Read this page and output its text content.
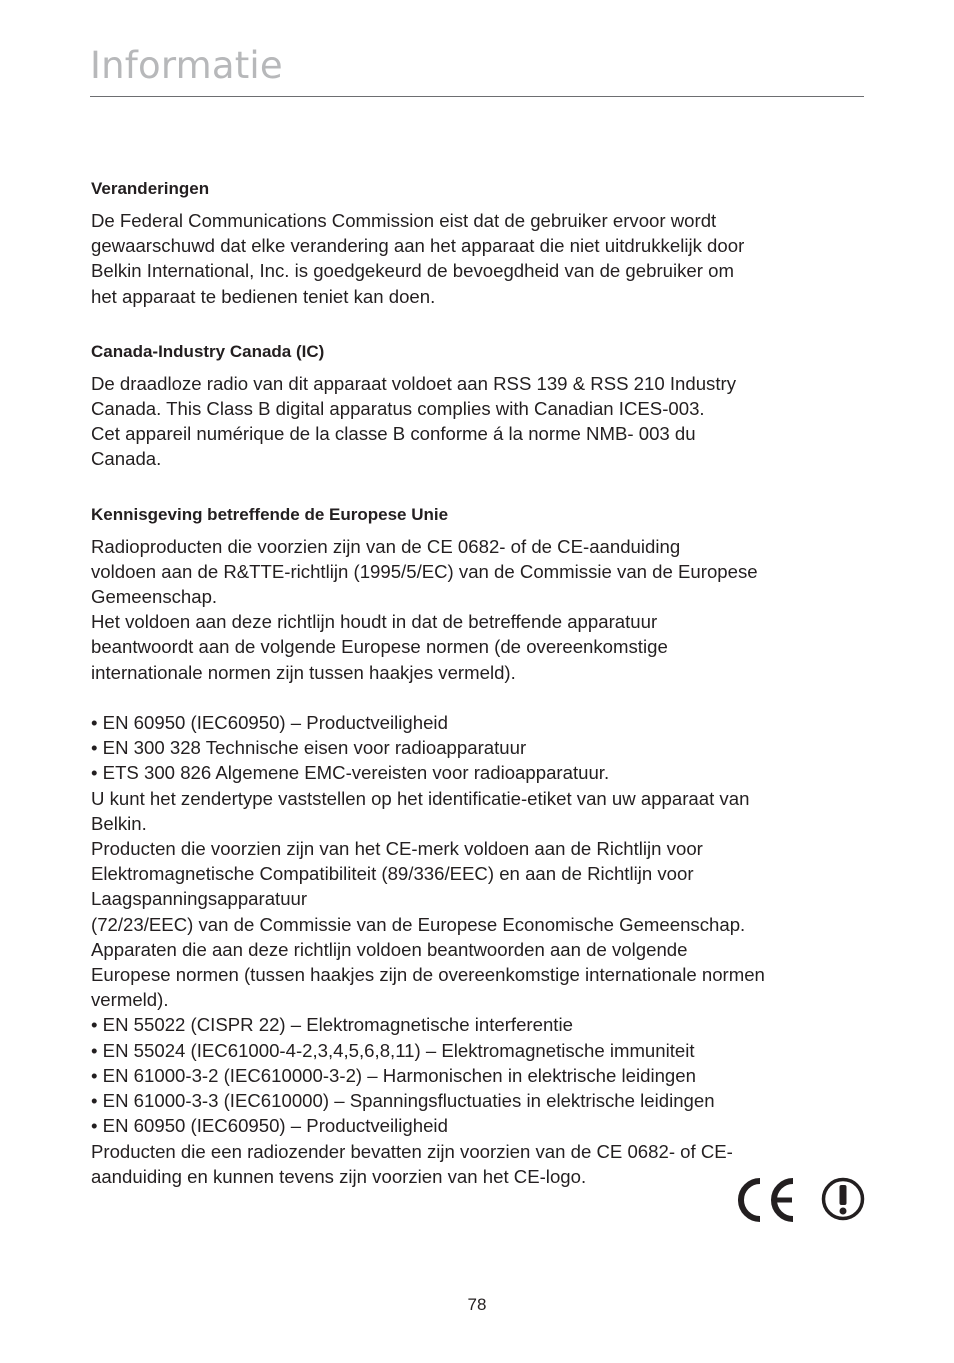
Informatie
Veranderingen
De Federal Communications Commission eist dat de gebruiker ervoor wordt
gewaarschuwd dat elke verandering aan het apparaat die niet uitdrukkelijk door
Belkin International, Inc. is goedgekeurd de bevoegdheid van de gebruiker om
het apparaat te bedienen teniet kan doen.
Canada-Industry Canada (IC)
De draadloze radio van dit apparaat voldoet aan RSS 139 & RSS 210 Industry
Canada. This Class B digital apparatus complies with Canadian ICES-003.
Cet appareil numérique de la classe B conforme á la norme NMB- 003 du
Canada.
Kennisgeving betreffende de Europese Unie
Radioproducten die voorzien zijn van de CE 0682- of de CE-aanduiding
voldoen aan de R&TTE-richtlijn (1995/5/EC) van de Commissie van de Europese
Gemeenschap.
Het voldoen aan deze richtlijn houdt in dat de betreffende apparatuur
beantwoordt aan de volgende Europese normen (de overeenkomstige
internationale normen zijn tussen haakjes vermeld).

• EN 60950 (IEC60950) – Productveiligheid
• EN 300 328 Technische eisen voor radioapparatuur
• ETS 300 826 Algemene EMC-vereisten voor radioapparatuur.
U kunt het zendertype vaststellen op het identificatie-etiket van uw apparaat van
Belkin.
Producten die voorzien zijn van het CE-merk voldoen aan de Richtlijn voor
Elektromagnetische Compatibiliteit (89/336/EEC) en aan de Richtlijn voor
Laagspanningsapparatuur
(72/23/EEC) van de Commissie van de Europese Economische Gemeenschap.
Apparaten die aan deze richtlijn voldoen beantwoorden aan de volgende
Europese normen (tussen haakjes zijn de overeenkomstige internationale normen
vermeld).
• EN 55022 (CISPR 22) – Elektromagnetische interferentie
• EN 55024 (IEC61000-4-2,3,4,5,6,8,11) – Elektromagnetische immuniteit
• EN 61000-3-2 (IEC610000-3-2) – Harmonischen in elektrische leidingen
• EN 61000-3-3 (IEC610000) – Spanningsfluctuaties in elektrische leidingen
• EN 60950 (IEC60950) – Productveiligheid
Producten die een radiozender bevatten zijn voorzien van de CE 0682- of CE-
aanduiding en kunnen tevens zijn voorzien van het CE-logo.
78
